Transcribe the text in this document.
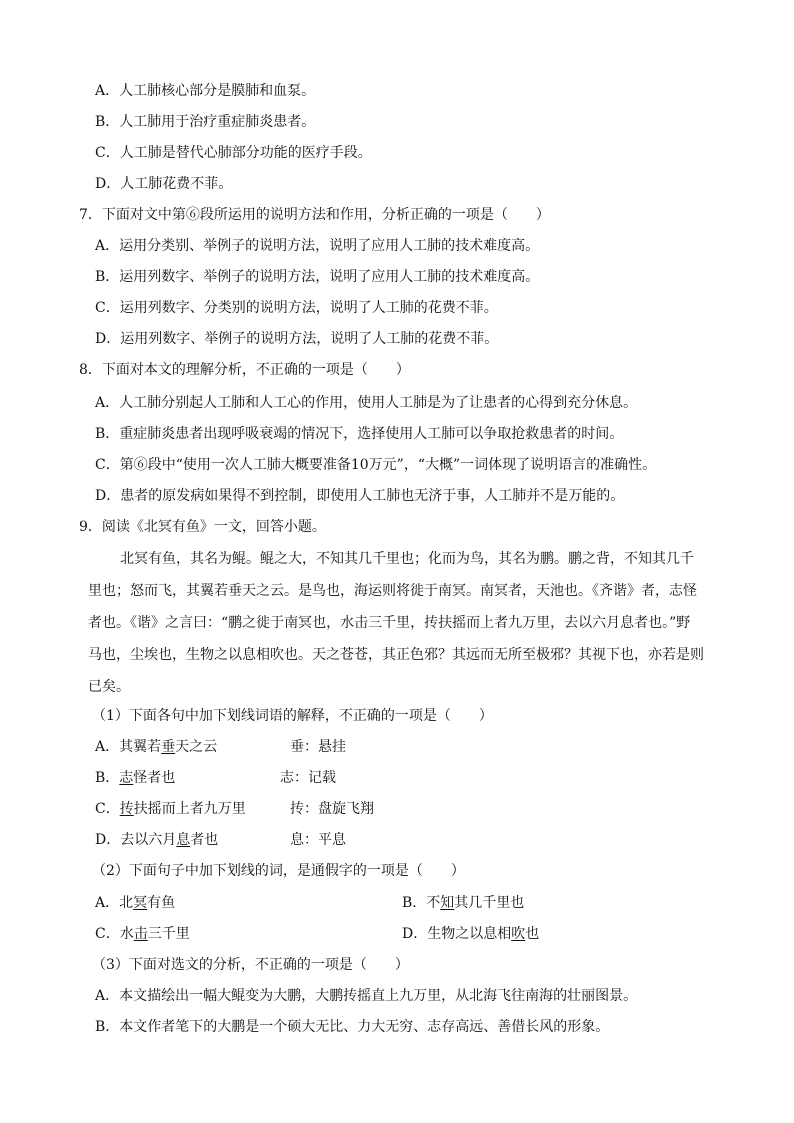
A．人工肺核心部分是膜肺和血泵。
B．人工肺用于治疗重症肺炎患者。
C．人工肺是替代心肺部分功能的医疗手段。
D．人工肺花费不菲。
7．下面对文中第⑥段所运用的说明方法和作用，分析正确的一项是（　　）
A．运用分类别、举例子的说明方法，说明了应用人工肺的技术难度高。
B．运用列数字、举例子的说明方法，说明了应用人工肺的技术难度高。
C．运用列数字、分类别的说明方法，说明了人工肺的花费不菲。
D．运用列数字、举例子的说明方法，说明了人工肺的花费不菲。
8．下面对本文的理解分析，不正确的一项是（　　）
A．人工肺分别起人工肺和人工心的作用，使用人工肺是为了让患者的心得到充分休息。
B．重症肺炎患者出现呼吸衰竭的情况下，选择使用人工肺可以争取抢救患者的时间。
C．第⑥段中“使用一次人工肺大概要准备10万元”，“大概”一词体现了说明语言的准确性。
D．患者的原发病如果得不到控制，即使用人工肺也无济于事，人工肺并不是万能的。
9．阅读《北冥有鱼》一文，回答小题。
北冥有鱼，其名为鲲。鲲之大，不知其几千里也；化而为鸟，其名为鹏。鹏之背，不知其几千
里也；怒而飞，其翼若垂天之云。是鸟也，海运则将徙于南冥。南冥者，天池也。《齐谐》者，志怪
者也。《谐》之言曰：“鹏之徙于南冥也，水击三千里，抟扶摇而上者九万里，去以六月息者也。”野
马也，尘埃也，生物之以息相吹也。天之苍苍，其正色邪？其远而无所至极邪？其视下也，亦若是则
已矣。
（1）下面各句中加下划线词语的解释，不正确的一项是（　　）
A．其翼若垂天之云	垂：悬挂
B．志怪者也	志：记载
C．抟扶摇而上者九万里	抟：盘旋飞翔
D．去以六月息者也	息：平息
（2）下面句子中加下划线的词，是通假字的一项是（　　）
A．北冥有鱼	B．不知其几千里也
C．水击三千里	D．生物之以息相吹也
（3）下面对选文的分析，不正确的一项是（　　）
A．本文描绘出一幅大鲲变为大鹏，大鹏抟摇直上九万里，从北海飞往南海的壮丽图景。
B．本文作者笔下的大鹏是一个硕大无比、力大无穷、志存高远、善借长风的形象。
